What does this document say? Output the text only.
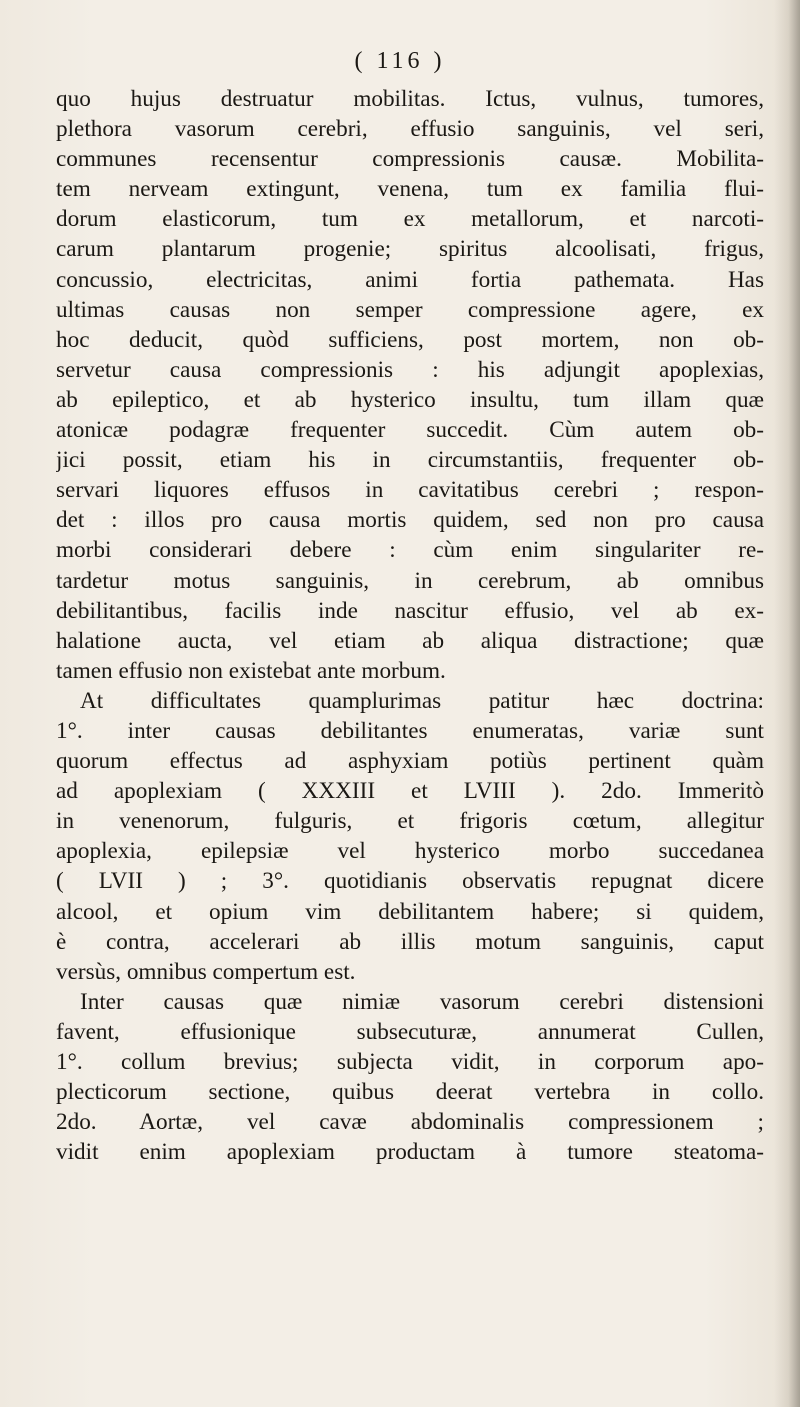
( 116 )
quo hujus destruatur mobilitas. Ictus, vulnus, tumores,
plethora vasorum cerebri, effusio sanguinis, vel seri,
communes recensentur compressionis causæ. Mobilita-
tem nerveam extingunt, venena, tum ex familia flui-
dorum elasticorum, tum ex metallorum, et narcoti-
carum plantarum progenie; spiritus alcoolisati, frigus,
concussio, electricitas, animi fortia pathemata. Has
ultimas causas non semper compressione agere, ex
hoc deducit, quòd sufficiens, post mortem, non ob-
servetur causa compressionis : his adjungit apoplexias,
ab epileptico, et ab hysterico insultu, tum illam quæ
atonicæ podagræ frequenter succedit. Cùm autem ob-
jici possit, etiam his in circumstantiis, frequenter ob-
servari liquores effusos in cavitatibus cerebri ; respon-
det : illos pro causa mortis quidem, sed non pro causa
morbi considerari debere : cùm enim singulariter re-
tardetur motus sanguinis, in cerebrum, ab omnibus
debilitantibus, facilis inde nascitur effusio, vel ab ex-
halatione aucta, vel etiam ab aliqua distractione; quæ
tamen effusio non existebat ante morbum.
At difficultates quamplurimas patitur hæc doctrina:
1°. inter causas debilitantes enumeratas, variæ sunt
quorum effectus ad asphyxiam potiùs pertinent quàm
ad apoplexiam ( XXXIII et LVIII ). 2do. Immeritò
in venenorum, fulguris, et frigoris cœtum, allegitur
apoplexia, epilepsiæ vel hysterico morbo succedanea
( LVII ) ; 3°. quotidianis observatis repugnat dicere
alcool, et opium vim debilitantem habere; si quidem,
è contra, accelerari ab illis motum sanguinis, caput
versùs, omnibus compertum est.
Inter causas quæ nimiæ vasorum cerebri distensioni
favent, effusionique subsecuturæ, annumerat Cullen,
1°. collum brevius; subjecta vidit, in corporum apo-
plecticorum sectione, quibus deerat vertebra in collo.
2do. Aortæ, vel cavæ abdominalis compressionem ;
vidit enim apoplexiam productam à tumore steatoma-
